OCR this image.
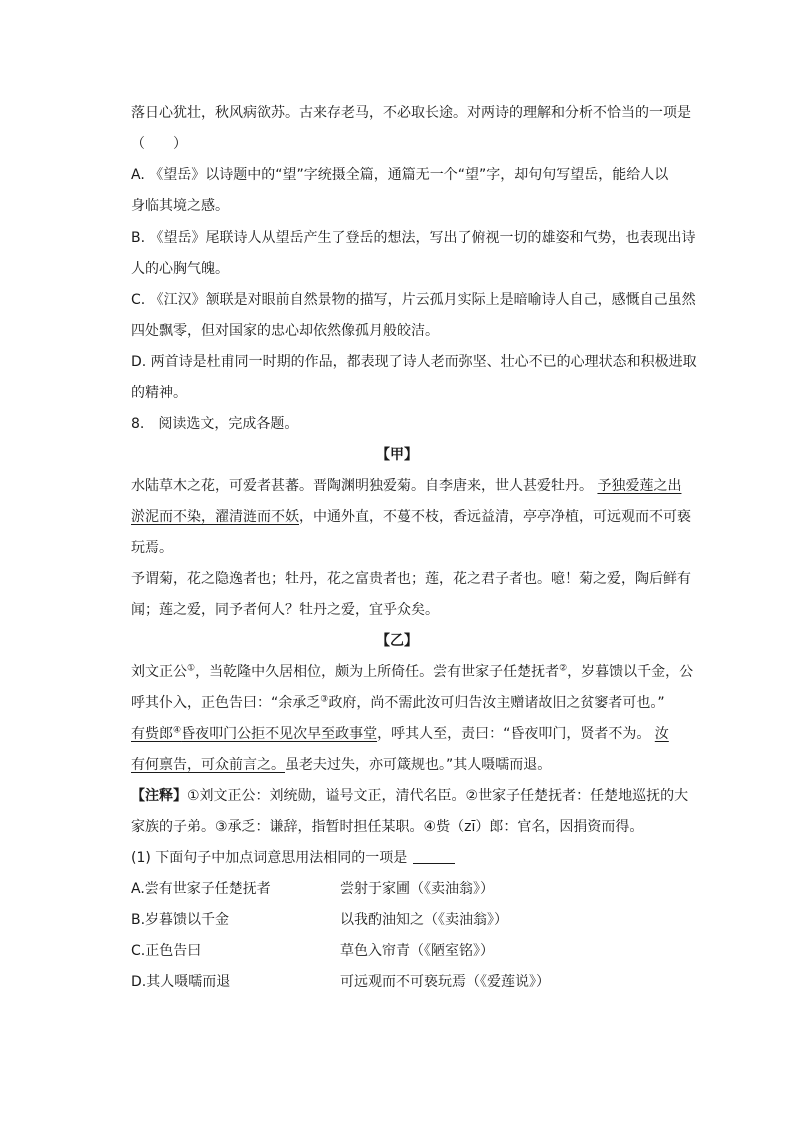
落日心犹壮，秋风病欲苏。古来存老马，不必取长途。对两诗的理解和分析不恰当的一项是
（　　）
A. 《望岳》以诗题中的“望”字统摄全篇，通篇无一个“望”字，却句句写望岳，能给人以
身临其境之感。
B. 《望岳》尾联诗人从望岳产生了登岳的想法，写出了俯视一切的雄姿和气势，也表现出诗
人的心胸气魄。
C. 《江汉》颔联是对眼前自然景物的描写，片云孤月实际上是暗喻诗人自己，感慨自己虽然
四处飘零，但对国家的忠心却依然像孤月般皎洁。
D. 两首诗是杜甫同一时期的作品，都表现了诗人老而弥坚、壮心不已的心理状态和积极进取
的精神。
8.　阅读选文，完成各题。
【甲】
水陆草木之花，可爱者甚蕃。晋陶渊明独爱菊。自李唐来，世人甚爱牡丹。 予独爱莲之出
淤泥而不染，濯清涟而不妖，中通外直，不蔓不枝，香远益清，亭亭净植，可远观而不可亵
玩焉。
予谓菊，花之隐逸者也；牡丹，花之富贵者也；莲，花之君子者也。噫！菊之爱，陶后鲜有
闻；莲之爱，同予者何人？牡丹之爱，宜乎众矣。
【乙】
刘文正公①，当乾隆中久居相位，颇为上所倚任。尝有世家子任楚抚者②，岁暮馈以千金，公
呼其仆入，正色告曰：“余承乏③政府，尚不需此汝可归告汝主赠诸故旧之贫窭者可也。”
有赀郎④昏夜叩门公拒不见次早至政事堂，呼其人至，责曰：“昏夜叩门，贤者不为。 汝
有何禀告，可众前言之。虽老夫过失，亦可箴规也。”其人嗫嚅而退。
【注释】①刘文正公：刘统勋，谥号文正，清代名臣。②世家子任楚抚者：任楚地巡抚的大
家族的子弟。③承乏：谦辞，指暂时担任某职。④赀（zī）郎：官名，因捐资而得。
(1) 下面句子中加点词意思用法相同的一项是
A.尝有世家子任楚抚者	尝射于家圃（《卖油翁》）
B.岁暮馈以千金	以我酌油知之（《卖油翁》）
C.正色告曰	草色入帘青（《陋室铭》）
D.其人嗫嚅而退	可远观而不可亵玩焉（《爱莲说》）
